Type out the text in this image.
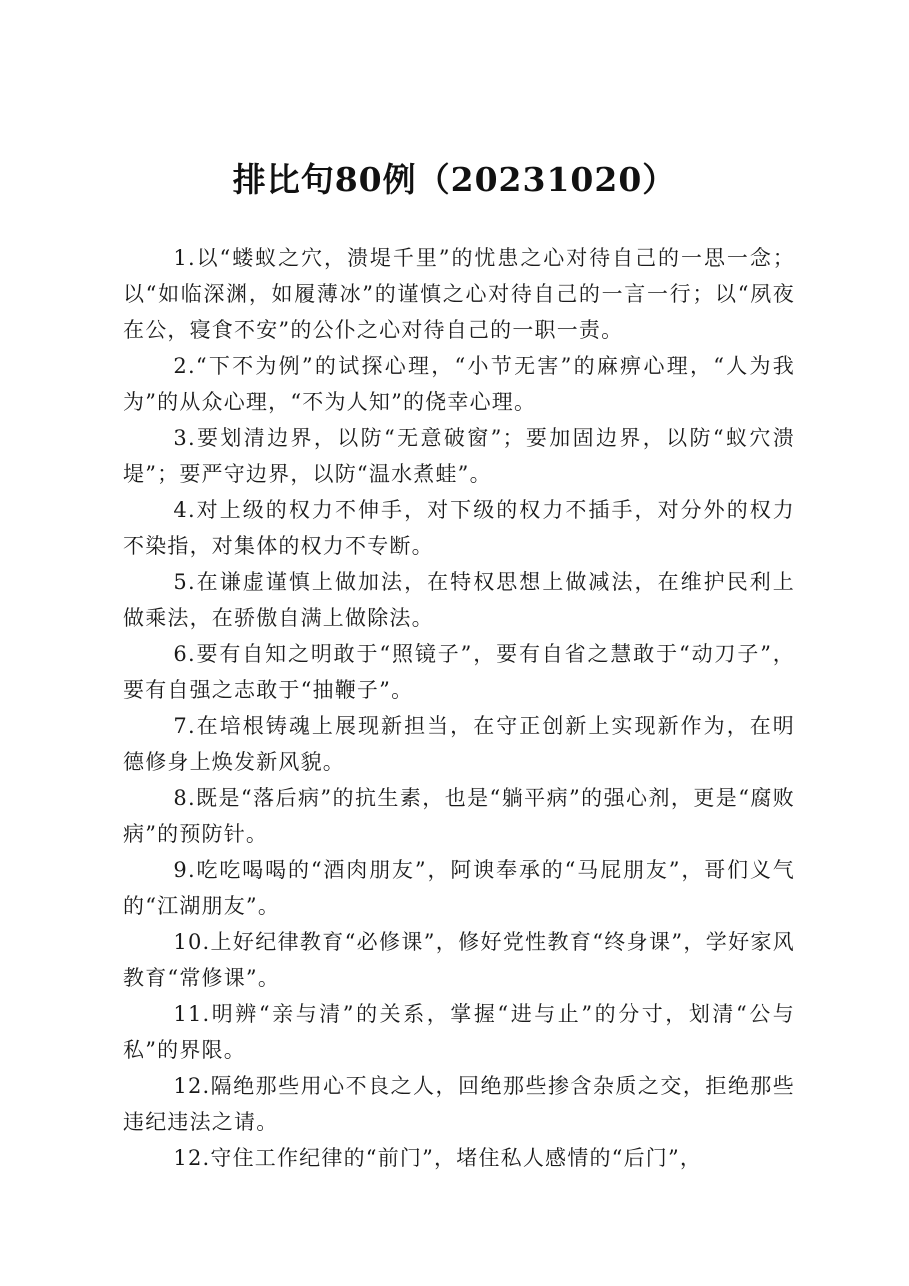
排比句80例（20231020）

1.以“蝼蚁之穴，溃堤千里”的忧患之心对待自己的一思一念；以“如临深渊，如履薄冰”的谨慎之心对待自己的一言一行；以“夙夜在公，寝食不安”的公仆之心对待自己的一职一责。

2.“下不为例”的试探心理，“小节无害”的麻痹心理，“人为我为”的从众心理，“不为人知”的侥幸心理。

3.要划清边界，以防“无意破窗”；要加固边界，以防“蚁穴溃堤”；要严守边界，以防“温水煮蛙”。

4.对上级的权力不伸手，对下级的权力不插手，对分外的权力不染指，对集体的权力不专断。

5.在谦虚谨慎上做加法，在特权思想上做减法，在维护民利上做乘法，在骄傲自满上做除法。

6.要有自知之明敢于“照镜子”，要有自省之慧敢于“动刀子”，要有自强之志敢于“抽鞭子”。

7.在培根铸魂上展现新担当，在守正创新上实现新作为，在明德修身上焕发新风貌。

8.既是“落后病”的抗生素，也是“躺平病”的强心剂，更是“腐败病”的预防针。

9.吃吃喝喝的“酒肉朋友”，阿谀奉承的“马屁朋友”，哥们义气的“江湖朋友”。

10.上好纪律教育“必修课”，修好党性教育“终身课”，学好家风教育“常修课”。

11.明辨“亲与清”的关系，掌握“进与止”的分寸，划清“公与私”的界限。

12.隔绝那些用心不良之人，回绝那些掺含杂质之交，拒绝那些违纪违法之请。

12.守住工作纪律的“前门”，堵住私人感情的“后门”，
